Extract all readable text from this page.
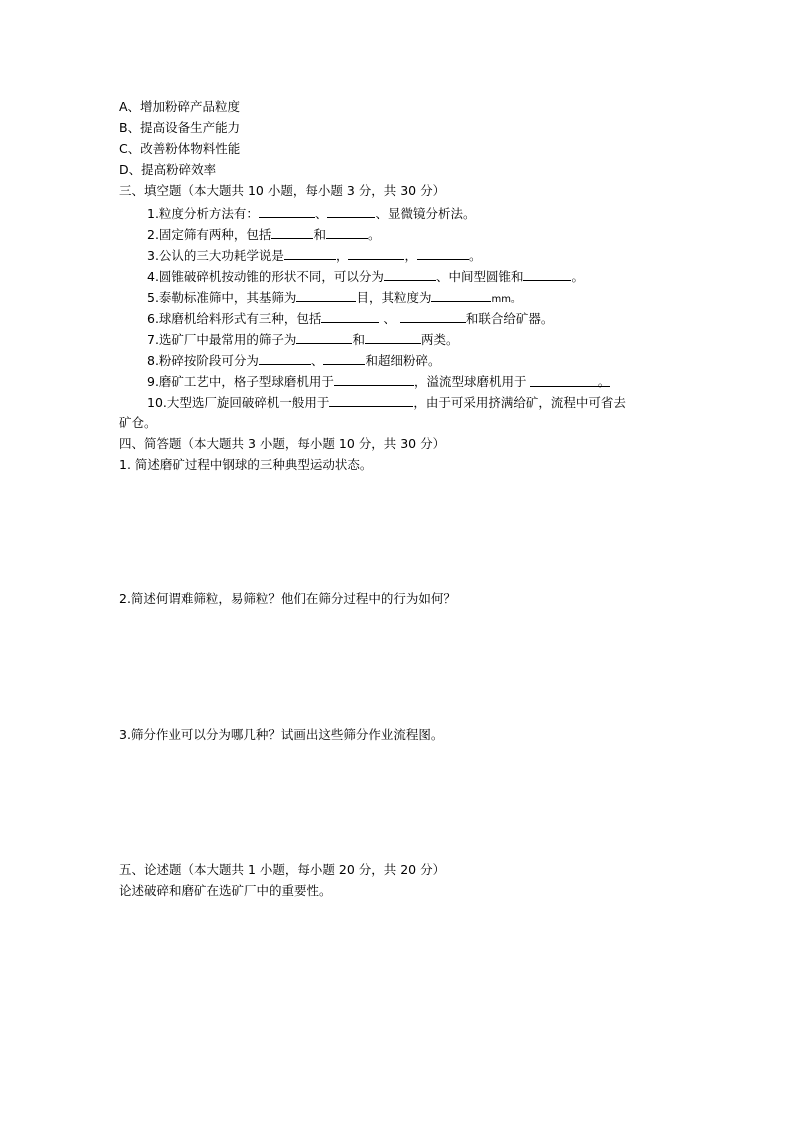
A、增加粉碎产品粒度
B、提高设备生产能力
C、改善粉体物料性能
D、提高粉碎效率
三、填空题（本大题共 10 小题，每小题 3 分，共 30 分）
1.粒度分析方法有：	、	、显微镜分析法。
2.固定筛有两种，包括	和	。
3.公认的三大功耗学说是	，	，	。
4.圆锥破碎机按动锥的形状不同，可以分为	、中间型圆锥和	。
5.泰勒标准筛中，其基筛为	目，其粒度为	mm。
6.球磨机给料形式有三种，包括	、	和联合给矿器。
7.选矿厂中最常用的筛子为	和	两类。
8.粉碎按阶段可分为	、	和超细粉碎。
9.磨矿工艺中，格子型球磨机用于	，溢流型球磨机用于	。
10.大型选厂旋回破碎机一般用于	，由于可采用挤满给矿，流程中可省去
矿仓。
四、简答题（本大题共 3 小题，每小题 10 分，共 30 分）
1. 简述磨矿过程中钢球的三种典型运动状态。
2.简述何谓难筛粒，易筛粒？他们在筛分过程中的行为如何？
3.筛分作业可以分为哪几种？试画出这些筛分作业流程图。
五、论述题（本大题共 1 小题，每小题 20 分，共 20 分）
论述破碎和磨矿在选矿厂中的重要性。
